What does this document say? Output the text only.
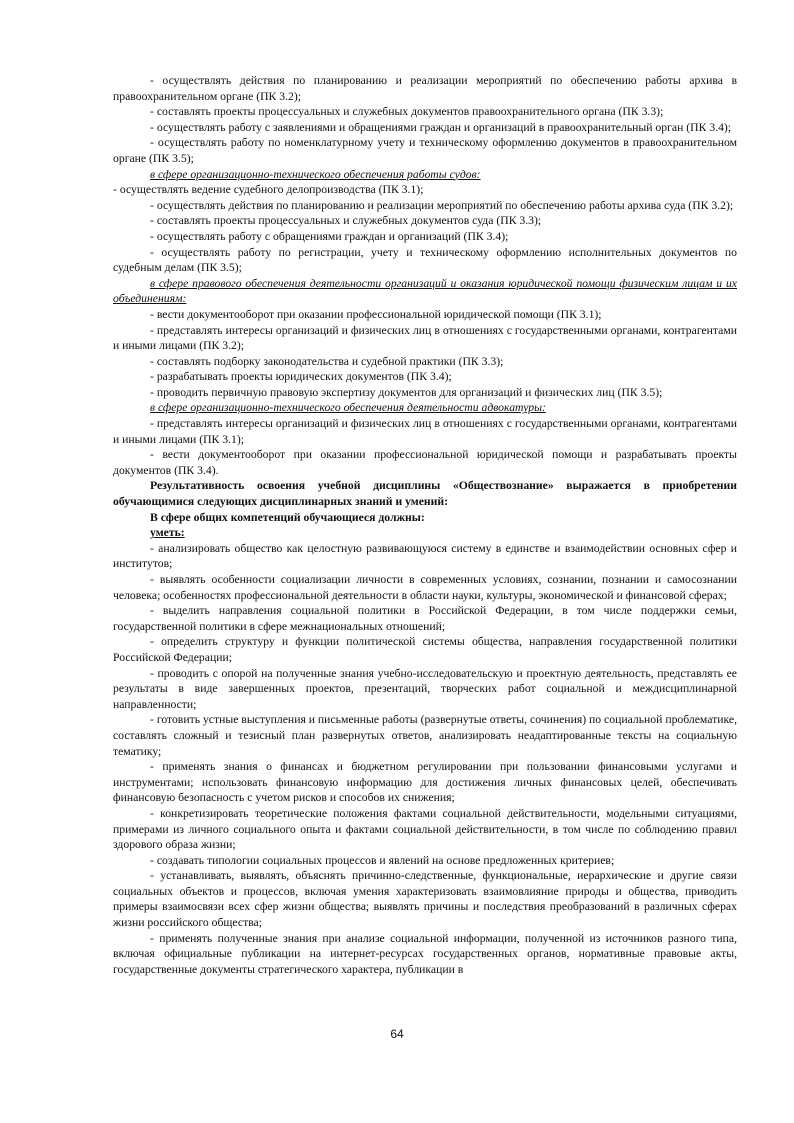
- осуществлять действия по планированию и реализации мероприятий по обеспечению работы архива в правоохранительном органе (ПК 3.2);

- составлять проекты процессуальных и служебных документов правоохранительного органа (ПК 3.3);

- осуществлять работу с заявлениями и обращениями граждан и организаций в правоохранительный орган (ПК 3.4);

- осуществлять работу по номенклатурному учету и техническому оформлению документов в правоохранительном органе (ПК 3.5);

в сфере организационно-технического обеспечения работы судов:

- осуществлять ведение судебного делопроизводства (ПК 3.1);

- осуществлять действия по планированию и реализации мероприятий по обеспечению работы архива суда (ПК 3.2);

- составлять проекты процессуальных и служебных документов суда (ПК 3.3);

- осуществлять работу с обращениями граждан и организаций (ПК 3.4);

- осуществлять работу по регистрации, учету и техническому оформлению исполнительных документов по судебным делам (ПК 3.5);

в сфере правового обеспечения деятельности организаций и оказания юридической помощи физическим лицам и их объединениям:

- вести документооборот при оказании профессиональной юридической помощи (ПК 3.1);

- представлять интересы организаций и физических лиц в отношениях с государственными органами, контрагентами и иными лицами (ПК 3.2);

- составлять подборку законодательства и судебной практики (ПК 3.3);

- разрабатывать проекты юридических документов (ПК 3.4);

- проводить первичную правовую экспертизу документов для организаций и физических лиц (ПК 3.5);

в сфере организационно-технического обеспечения деятельности адвокатуры:

- представлять интересы организаций и физических лиц в отношениях с государственными органами, контрагентами и иными лицами (ПК 3.1);

- вести документооборот при оказании профессиональной юридической помощи и разрабатывать проекты документов (ПК 3.4).

Результативность освоения учебной дисциплины «Обществознание» выражается в приобретении обучающимися следующих дисциплинарных знаний и умений:

В сфере общих компетенций обучающиеся должны:

уметь:

- анализировать общество как целостную развивающуюся систему в единстве и взаимодействии основных сфер и институтов;

- выявлять особенности социализации личности в современных условиях, сознании, познании и самосознании человека; особенностях профессиональной деятельности в области науки, культуры, экономической и финансовой сферах;

- выделить направления социальной политики в Российской Федерации, в том числе поддержки семьи, государственной политики в сфере межнациональных отношений;

- определить структуру и функции политической системы общества, направления государственной политики Российской Федерации;

- проводить с опорой на полученные знания учебно-исследовательскую и проектную деятельность, представлять ее результаты в виде завершенных проектов, презентаций, творческих работ социальной и междисциплинарной направленности;

- готовить устные выступления и письменные работы (развернутые ответы, сочинения) по социальной проблематике, составлять сложный и тезисный план развернутых ответов, анализировать неадаптированные тексты на социальную тематику;

- применять знания о финансах и бюджетном регулировании при пользовании финансовыми услугами и инструментами; использовать финансовую информацию для достижения личных финансовых целей, обеспечивать финансовую безопасность с учетом рисков и способов их снижения;

- конкретизировать теоретические положения фактами социальной действительности, модельными ситуациями, примерами из личного социального опыта и фактами социальной действительности, в том числе по соблюдению правил здорового образа жизни;

- создавать типологии социальных процессов и явлений на основе предложенных критериев;

- устанавливать, выявлять, объяснять причинно-следственные, функциональные, иерархические и другие связи социальных объектов и процессов, включая умения характеризовать взаимовлияние природы и общества, приводить примеры взаимосвязи всех сфер жизни общества; выявлять причины и последствия преобразований в различных сферах жизни российского общества;

- применять полученные знания при анализе социальной информации, полученной из источников разного типа, включая официальные публикации на интернет-ресурсах государственных органов, нормативные правовые акты, государственные документы стратегического характера, публикации в

64
